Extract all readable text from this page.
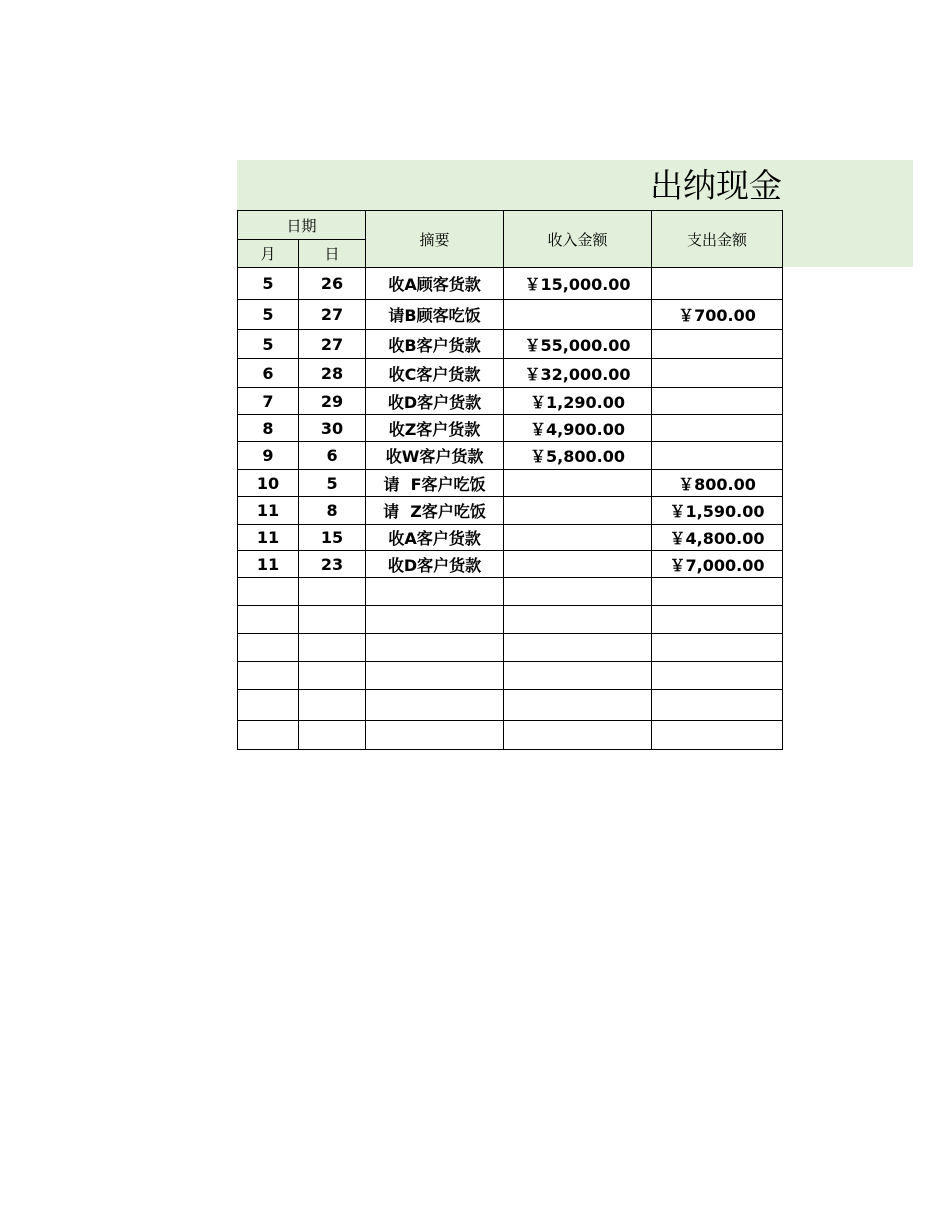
出纳现金
日期		摘要	收入金额	支出金额
月	日			
5	26	收A顾客货款	￥15,000.00	
5	27	请B顾客吃饭		￥700.00
5	27	收B客户货款	￥55,000.00	
6	28	收C客户货款	￥32,000.00	
7	29	收D客户货款	￥1,290.00	
8	30	收Z客户货款	￥4,900.00	
9	6	收W客户货款	￥5,800.00	
10	5	请  F客户吃饭		￥800.00
11	8	请  Z客户吃饭		￥1,590.00
11	15	收A客户货款		￥4,800.00
11	23	收D客户货款		￥7,000.00
